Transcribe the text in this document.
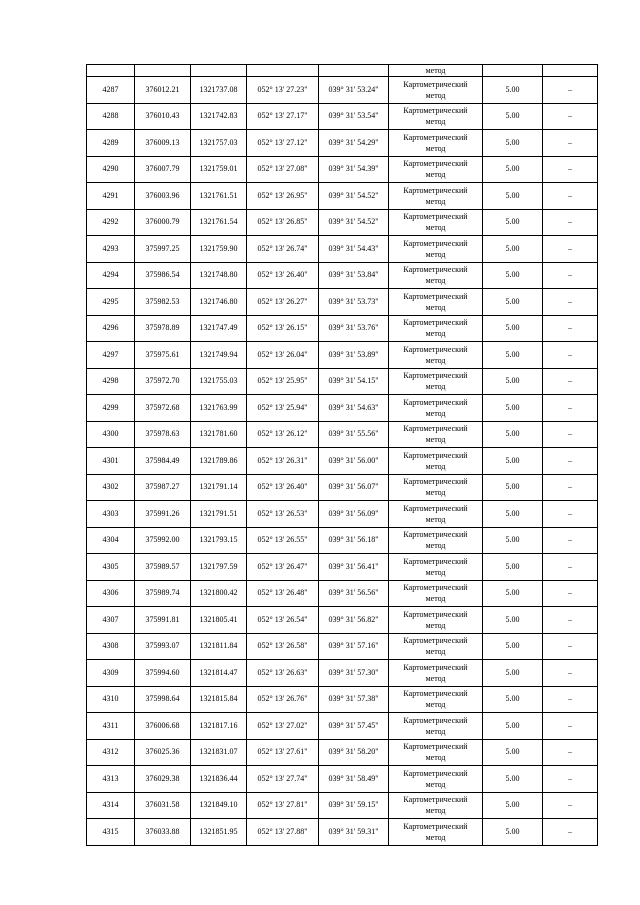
					метод		
4287	376012.21	1321737.08	052° 13' 27.23"	039° 31' 53.24"	Картометрический
метод	5.00	–
4288	376010.43	1321742.83	052° 13' 27.17"	039° 31' 53.54"	Картометрический
метод	5.00	–
4289	376009.13	1321757.03	052° 13' 27.12"	039° 31' 54.29"	Картометрический
метод	5.00	–
4290	376007.79	1321759.01	052° 13' 27.08"	039° 31' 54.39"	Картометрический
метод	5.00	–
4291	376003.96	1321761.51	052° 13' 26.95"	039° 31' 54.52"	Картометрический
метод	5.00	–
4292	376000.79	1321761.54	052° 13' 26.85"	039° 31' 54.52"	Картометрический
метод	5.00	–
4293	375997.25	1321759.90	052° 13' 26.74"	039° 31' 54.43"	Картометрический
метод	5.00	–
4294	375986.54	1321748.80	052° 13' 26.40"	039° 31' 53.84"	Картометрический
метод	5.00	–
4295	375982.53	1321746.80	052° 13' 26.27"	039° 31' 53.73"	Картометрический
метод	5.00	–
4296	375978.89	1321747.49	052° 13' 26.15"	039° 31' 53.76"	Картометрический
метод	5.00	–
4297	375975.61	1321749.94	052° 13' 26.04"	039° 31' 53.89"	Картометрический
метод	5.00	–
4298	375972.70	1321755.03	052° 13' 25.95"	039° 31' 54.15"	Картометрический
метод	5.00	–
4299	375972.68	1321763.99	052° 13' 25.94"	039° 31' 54.63"	Картометрический
метод	5.00	–
4300	375978.63	1321781.60	052° 13' 26.12"	039° 31' 55.56"	Картометрический
метод	5.00	–
4301	375984.49	1321789.86	052° 13' 26.31"	039° 31' 56.00"	Картометрический
метод	5.00	–
4302	375987.27	1321791.14	052° 13' 26.40"	039° 31' 56.07"	Картометрический
метод	5.00	–
4303	375991.26	1321791.51	052° 13' 26.53"	039° 31' 56.09"	Картометрический
метод	5.00	–
4304	375992.00	1321793.15	052° 13' 26.55"	039° 31' 56.18"	Картометрический
метод	5.00	–
4305	375989.57	1321797.59	052° 13' 26.47"	039° 31' 56.41"	Картометрический
метод	5.00	–
4306	375989.74	1321800.42	052° 13' 26.48"	039° 31' 56.56"	Картометрический
метод	5.00	–
4307	375991.81	1321805.41	052° 13' 26.54"	039° 31' 56.82"	Картометрический
метод	5.00	–
4308	375993.07	1321811.84	052° 13' 26.58"	039° 31' 57.16"	Картометрический
метод	5.00	–
4309	375994.60	1321814.47	052° 13' 26.63"	039° 31' 57.30"	Картометрический
метод	5.00	–
4310	375998.64	1321815.84	052° 13' 26.76"	039° 31' 57.38"	Картометрический
метод	5.00	–
4311	376006.68	1321817.16	052° 13' 27.02"	039° 31' 57.45"	Картометрический
метод	5.00	–
4312	376025.36	1321831.07	052° 13' 27.61"	039° 31' 58.20"	Картометрический
метод	5.00	–
4313	376029.38	1321836.44	052° 13' 27.74"	039° 31' 58.49"	Картометрический
метод	5.00	–
4314	376031.58	1321849.10	052° 13' 27.81"	039° 31' 59.15"	Картометрический
метод	5.00	–
4315	376033.88	1321851.95	052° 13' 27.88"	039° 31' 59.31"	Картометрический
метод	5.00	–
